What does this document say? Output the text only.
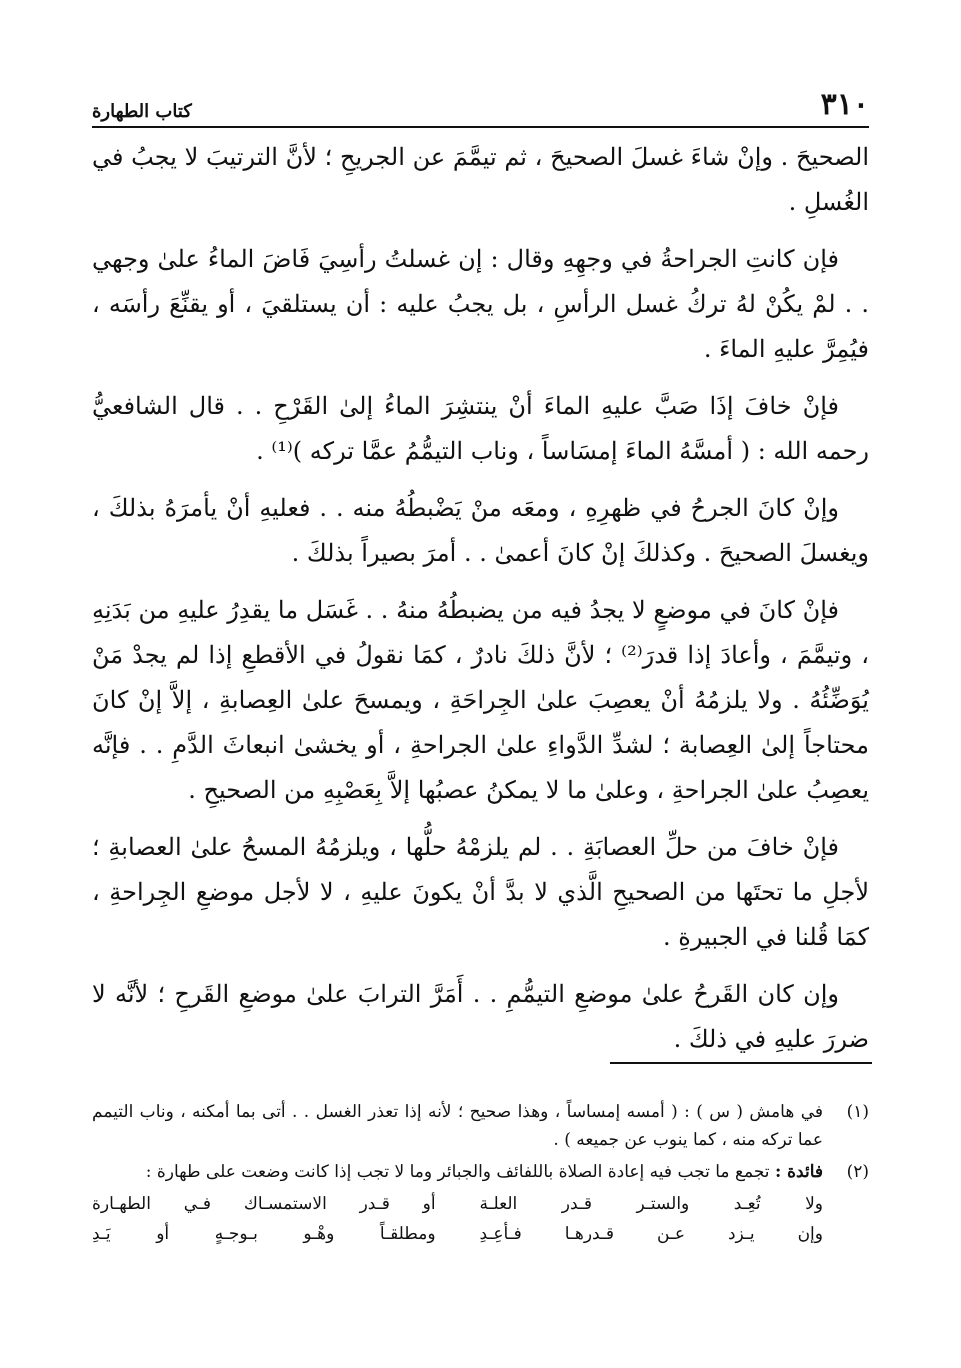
٣١٠
كتاب الطهارة

الصحيحَ . وإنْ شاءَ غسلَ الصحيحَ ، ثم تيمَّمَ عن الجريحِ ؛ لأنَّ الترتيبَ لا يجبُ في الغُسلِ .

فإن كانتِ الجراحةُ في وجهِهِ وقال : إن غسلتُ رأسِيَ فَاضَ الماءُ علىٰ وجهي . . لمْ يكُنْ لهُ تركُ غسل الرأسِ ، بل يجبُ عليه : أن يستلقيَ ، أو يقنِّعَ رأسَه ، فيُمِرَّ عليهِ الماءَ .

فإنْ خافَ إذَا صَبَّ عليهِ الماءَ أنْ ينتشِرَ الماءُ إلىٰ القَرْحِ . . قال الشافعيُّ رحمه الله : ( أمسَّهُ الماءَ إمسَاساً ، وناب التيمُّمُ عمَّا تركه )⁽¹⁾ .

وإنْ كانَ الجرحُ في ظهرِهِ ، ومعَه منْ يَضْبطُهُ منه . . فعليهِ أنْ يأمرَهُ بذلكَ ، ويغسلَ الصحيحَ . وكذلكَ إنْ كانَ أعمىٰ . . أمرَ بصيراً بذلكَ .

فإنْ كانَ في موضعٍ لا يجدُ فيه من يضبطُهُ منهُ . . غَسَل ما يقدِرُ عليهِ من بَدَنِهِ ، وتيمَّمَ ، وأعادَ إذا قدرَ⁽²⁾ ؛ لأنَّ ذلكَ نادرٌ ، كمَا نقولُ في الأقطعِ إذا لم يجدْ مَنْ يُوَضِّئُهُ . ولا يلزمُهُ أنْ يعصِبَ علىٰ الجِراحَةِ ، ويمسحَ علىٰ العِصابةِ ، إلاَّ إنْ كانَ محتاجاً إلىٰ العِصابة ؛ لشدِّ الدَّواءِ علىٰ الجراحةِ ، أو يخشىٰ انبعاثَ الدَّمِ . . فإنَّه يعصِبُ علىٰ الجراحةِ ، وعلىٰ ما لا يمكنُ عصبُها إلاَّ بِعَصْبِهِ من الصحيحِ .

فإنْ خافَ من حلِّ العصابَةِ . . لم يلزمْهُ حلُّها ، ويلزمُهُ المسحُ علىٰ العصابةِ ؛ لأجلِ ما تحتَها من الصحيحِ الَّذي لا بدَّ أنْ يكونَ عليهِ ، لا لأجل موضعِ الجِراحةِ ، كمَا قُلنا في الجبيرةِ .

وإن كان القَرحُ علىٰ موضعِ التيمُّمِ . . أَمَرَّ الترابَ علىٰ موضعِ القَرحِ ؛ لأنَّه لا ضررَ عليهِ في ذلكَ .

(١)
في هامش ( س ) : ( أمسه إمساساً ، وهذا صحيح ؛ لأنه إذا تعذر الغسل . . أتى بما أمكنه ، وناب التيمم عما تركه منه ، كما ينوب عن جميعه ) .
(٢)
فائدة : تجمع ما تجب فيه إعادة الصلاة باللفائف والجبائر وما لا تجب إذا كانت وضعت على طهارة :
ولا تُعِـد والستـر قـدر العلـة
أو قـدر الاستمسـاك فـي الطهـارة
وإن يـزد عـن قـدرهـا فـأعِـدِ
ومطلقـاً وهْـو بـوجـهٍ أو يَـدِ
